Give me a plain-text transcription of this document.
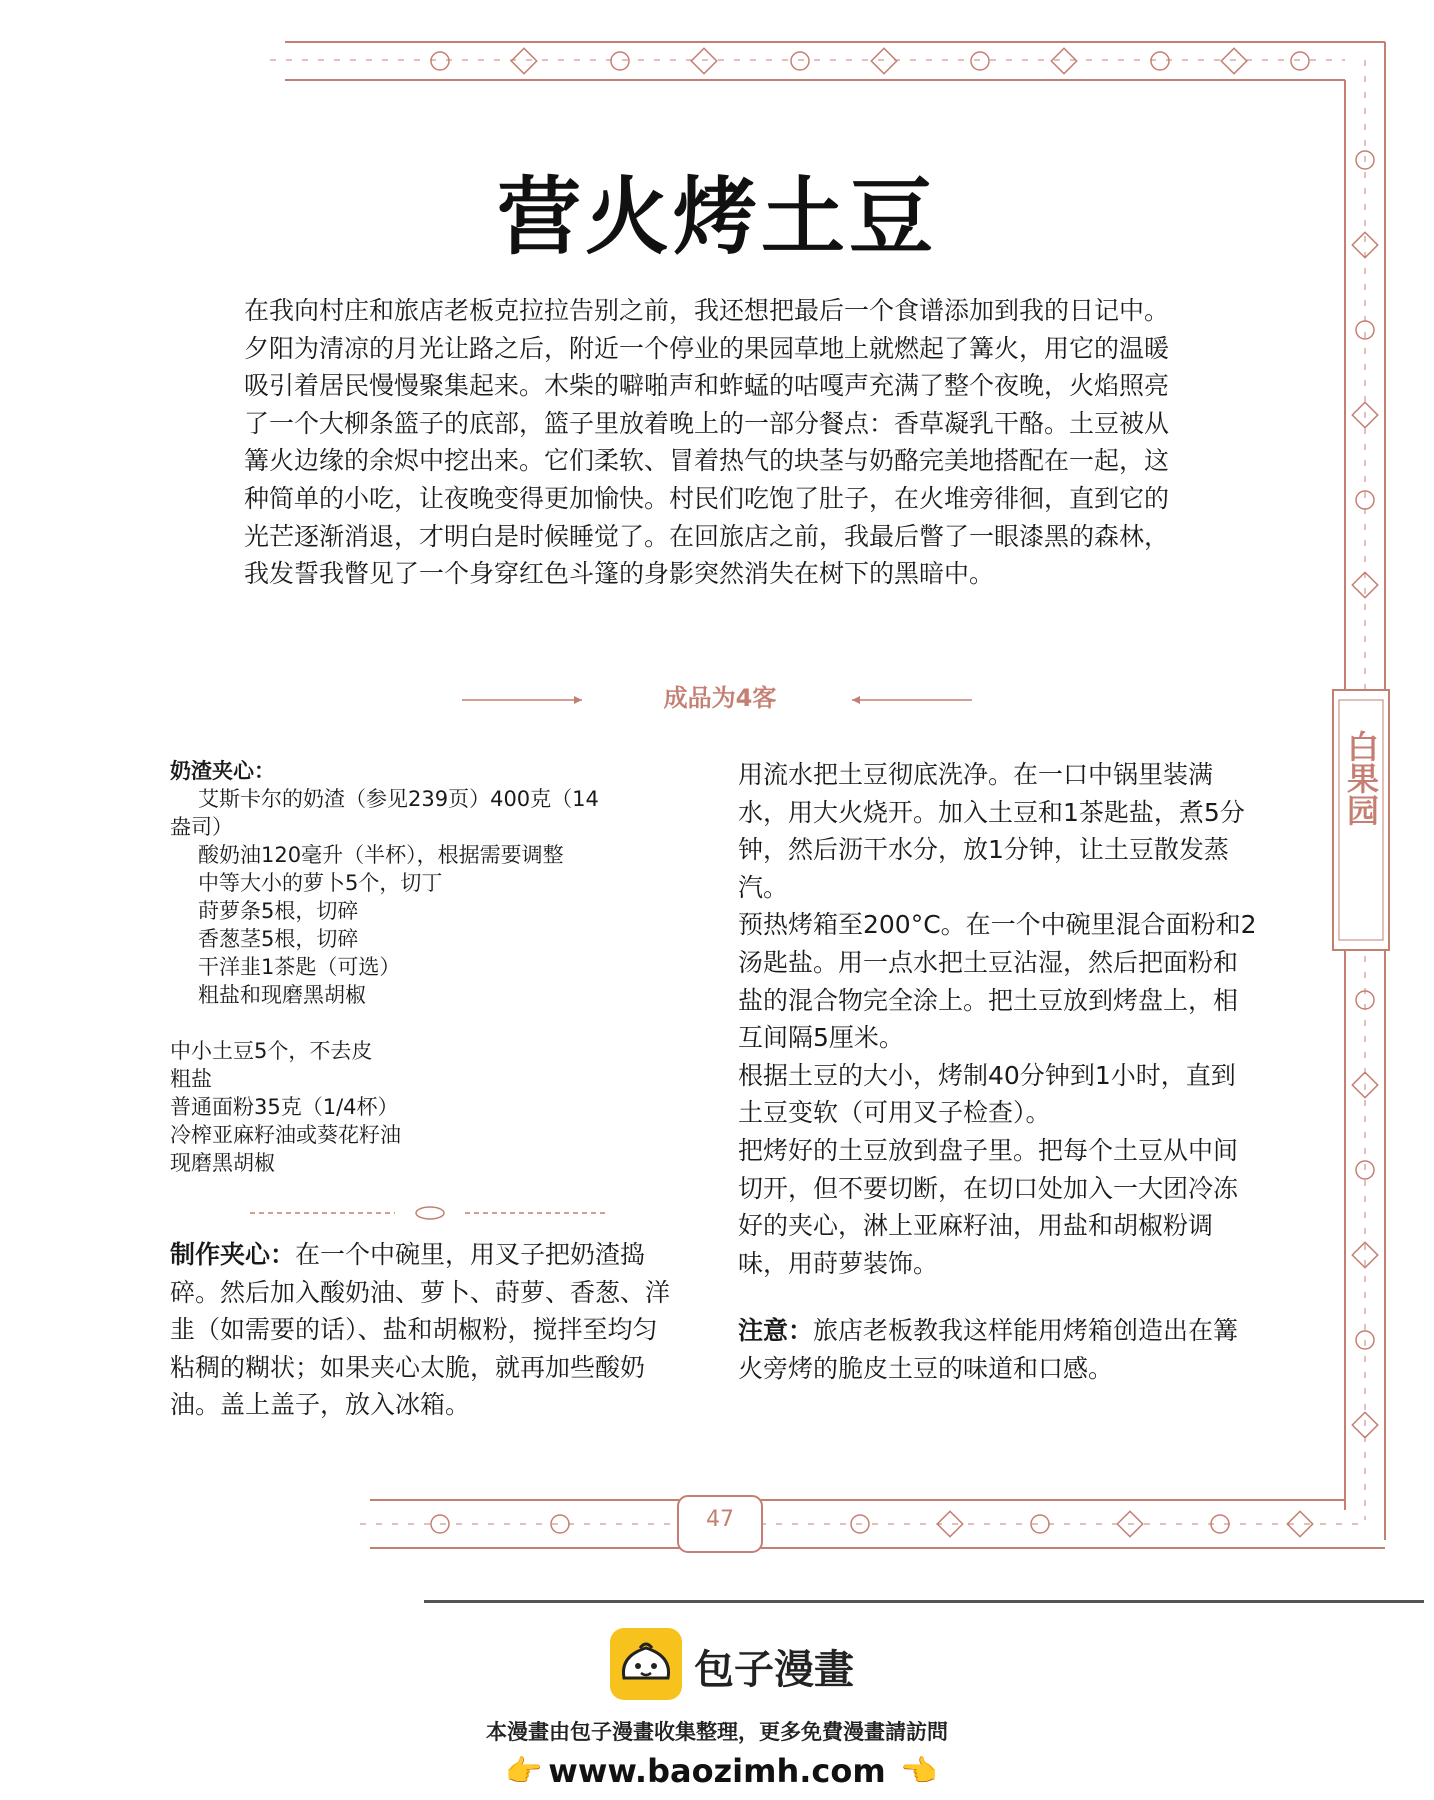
营火烤土豆
在我向村庄和旅店老板克拉拉告别之前，我还想把最后一个食谱添加到我的日记中。夕阳为清凉的月光让路之后，附近一个停业的果园草地上就燃起了篝火，用它的温暖吸引着居民慢慢聚集起来。木柴的噼啪声和蚱蜢的咕嘎声充满了整个夜晚，火焰照亮了一个大柳条篮子的底部，篮子里放着晚上的一部分餐点：香草凝乳干酪。土豆被从篝火边缘的余烬中挖出来。它们柔软、冒着热气的块茎与奶酪完美地搭配在一起，这种简单的小吃，让夜晚变得更加愉快。村民们吃饱了肚子，在火堆旁徘徊，直到它的光芒逐渐消退，才明白是时候睡觉了。在回旅店之前，我最后瞥了一眼漆黑的森林，我发誓我瞥见了一个身穿红色斗篷的身影突然消失在树下的黑暗中。
成品为4客
白果园
奶渣夹心：
艾斯卡尔的奶渣（参见239页）400克（14
盎司）
酸奶油120毫升（半杯），根据需要调整
中等大小的萝卜5个，切丁
莳萝条5根，切碎
香葱茎5根，切碎
干洋韭1茶匙（可选）
粗盐和现磨黑胡椒
中小土豆5个，不去皮
粗盐
普通面粉35克（1/4杯）
冷榨亚麻籽油或葵花籽油
现磨黑胡椒
制作夹心：在一个中碗里，用叉子把奶渣捣碎。然后加入酸奶油、萝卜、莳萝、香葱、洋韭（如需要的话）、盐和胡椒粉，搅拌至均匀粘稠的糊状；如果夹心太脆，就再加些酸奶油。盖上盖子，放入冰箱。

用流水把土豆彻底洗净。在一口中锅里装满水，用大火烧开。加入土豆和1茶匙盐，煮5分钟，然后沥干水分，放1分钟，让土豆散发蒸汽。

预热烤箱至200°C。在一个中碗里混合面粉和2汤匙盐。用一点水把土豆沾湿，然后把面粉和盐的混合物完全涂上。把土豆放到烤盘上，相互间隔5厘米。

根据土豆的大小，烤制40分钟到1小时，直到土豆变软（可用叉子检查）。

把烤好的土豆放到盘子里。把每个土豆从中间切开，但不要切断，在切口处加入一大团冷冻好的夹心，淋上亚麻籽油，用盐和胡椒粉调味，用莳萝装饰。

注意：旅店老板教我这样能用烤箱创造出在篝火旁烤的脆皮土豆的味道和口感。

47
包子漫畫
本漫畫由包子漫畫收集整理，更多免費漫畫請訪問
👉 www.baozimh.com 👈
